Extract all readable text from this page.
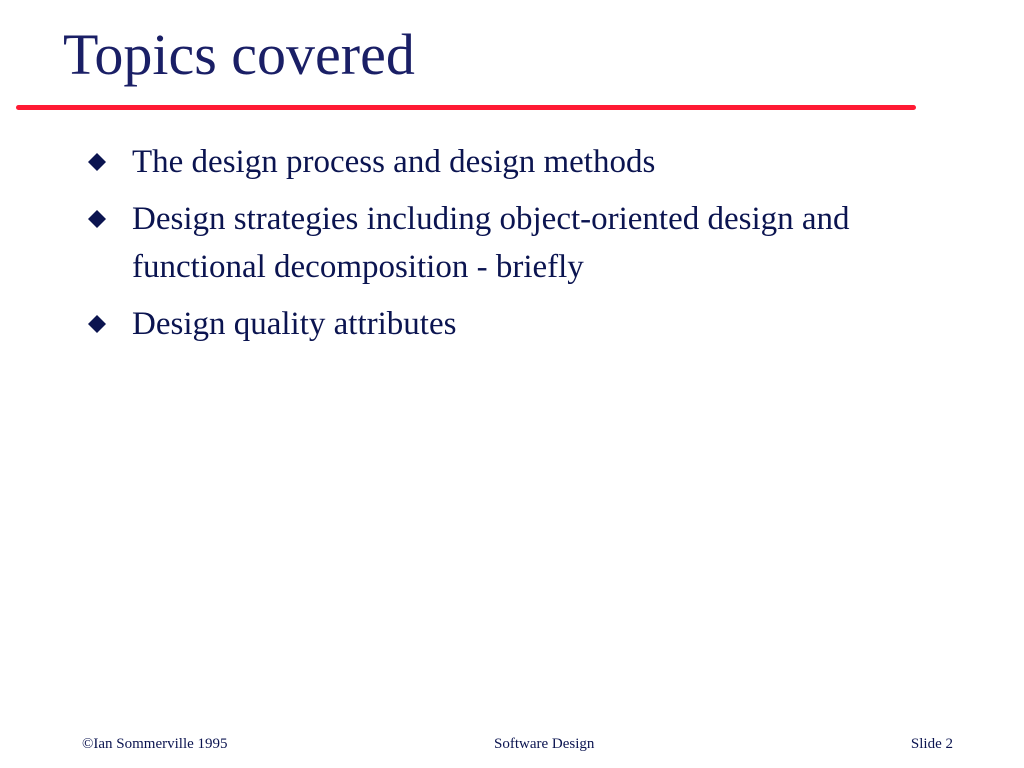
Topics covered
The design process and design methods
Design strategies including object-oriented design and functional decomposition - briefly
Design quality attributes
©Ian Sommerville 1995	Software Design	Slide 2
